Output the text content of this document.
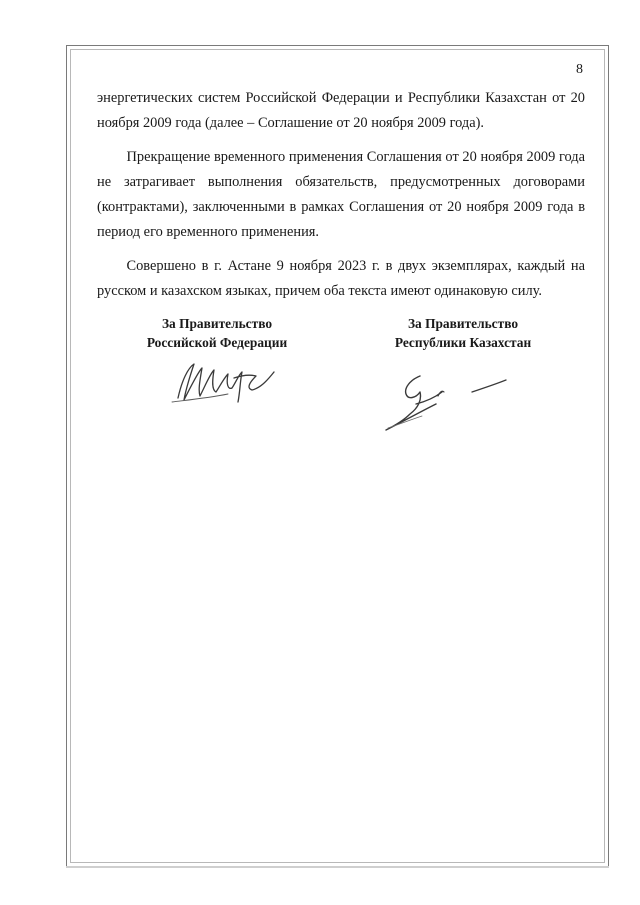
8

энергетических систем Российской Федерации и Республики Казахстан от 20 ноября 2009 года (далее – Соглашение от 20 ноября 2009 года).

Прекращение временного применения Соглашения от 20 ноября 2009 года не затрагивает выполнения обязательств, предусмотренных договорами (контрактами), заключенными в рамках Соглашения от 20 ноября 2009 года в период его временного применения.

Совершено в г. Астане 9 ноября 2023 г. в двух экземплярах, каждый на русском и казахском языках, причем оба текста имеют одинаковую силу.

За Правительство
Российской Федерации
За Правительство
Республики Казахстан
